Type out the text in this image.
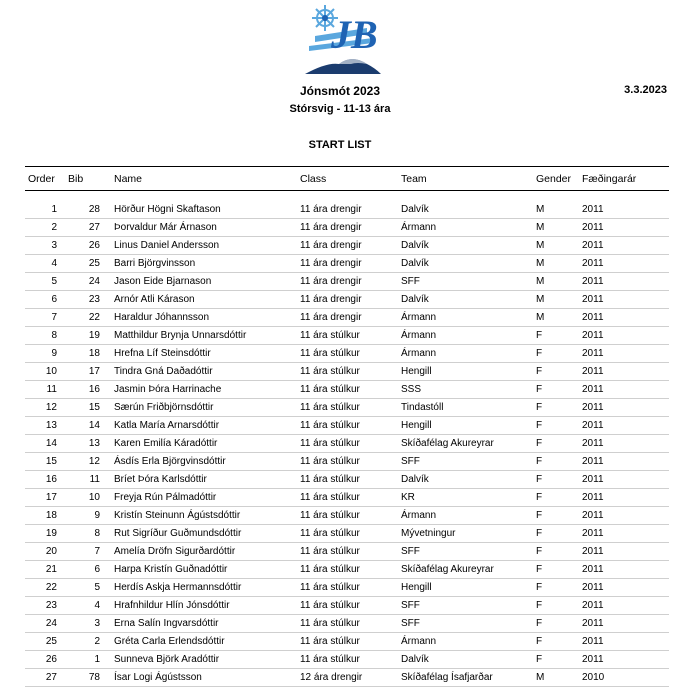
JB
Jónsmót 2023
Stórsvig - 11-13 ára
3.3.2023
START LIST
Order Bib	Name	Class	Team	Gender Fæðingarár
1	28 Hörður Högni Skaftason	11 ára drengir	Dalvík	M	2011
2	27 Þorvaldur Már Árnason	11 ára drengir	Ármann	M	2011
3	26 Linus Daniel Andersson	11 ára drengir	Dalvík	M	2011
4	25 Barri Björgvinsson	11 ára drengir	Dalvík	M	2011
5	24 Jason Eide Bjarnason	11 ára drengir	SFF	M	2011
6	23 Arnór Atli Kárason	11 ára drengir	Dalvík	M	2011
7	22 Haraldur Jóhannsson	11 ára drengir	Ármann	M	2011
8	19 Matthildur Brynja Unnarsdóttir	11 ára stúlkur	Ármann	F	2011
9	18 Hrefna Líf Steinsdóttir	11 ára stúlkur	Ármann	F	2011
10	17 Tindra Gná Daðadóttir	11 ára stúlkur	Hengill	F	2011
11	16 Jasmin Þóra Harrinache	11 ára stúlkur	SSS	F	2011
12	15 Særún Friðbjörnsdóttir	11 ára stúlkur	Tindastóll	F	2011
13	14 Katla María Arnarsdóttir	11 ára stúlkur	Hengill	F	2011
14	13 Karen Emilía Káradóttir	11 ára stúlkur	Skíðafélag Akureyrar	F	2011
15	12 Ásdís Erla Björgvinsdóttir	11 ára stúlkur	SFF	F	2011
16	11 Bríet Þóra Karlsdóttir	11 ára stúlkur	Dalvík	F	2011
17	10 Freyja Rún Pálmadóttir	11 ára stúlkur	KR	F	2011
18	9 Kristín Steinunn Ágústsdóttir	11 ára stúlkur	Ármann	F	2011
19	8 Rut Sigríður Guðmundsdóttir	11 ára stúlkur	Mývetningur	F	2011
20	7 Amelía Dröfn Sigurðardóttir	11 ára stúlkur	SFF	F	2011
21	6 Harpa Kristín Guðnadóttir	11 ára stúlkur	Skíðafélag Akureyrar	F	2011
22	5 Herdís Askja Hermannsdóttir	11 ára stúlkur	Hengill	F	2011
23	4 Hrafnhildur Hlín Jónsdóttir	11 ára stúlkur	SFF	F	2011
24	3 Erna Salín Ingvarsdóttir	11 ára stúlkur	SFF	F	2011
25	2 Gréta Carla Erlendsdóttir	11 ára stúlkur	Ármann	F	2011
26	1 Sunneva Björk Aradóttir	11 ára stúlkur	Dalvík	F	2011
27	78 Ísar Logi Ágústsson	12 ára drengir	Skíðafélag Ísafjarðar	M	2010
